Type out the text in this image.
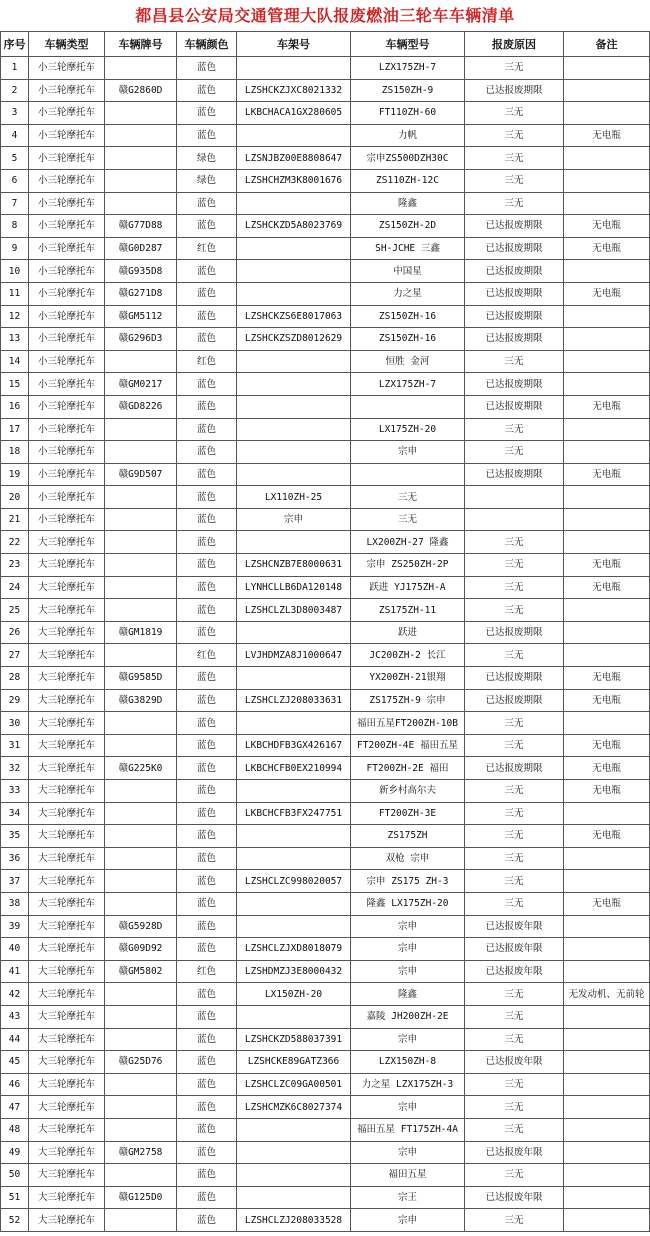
都昌县公安局交通管理大队报废燃油三轮车车辆清单
序号	车辆类型	车辆牌号	车辆颜色	车架号	车辆型号	报废原因	备注
1	小三轮摩托车		蓝色		LZX175ZH-7	三无	
2	小三轮摩托车	赣G2860D	蓝色	LZSHCKZJXC8021332	ZS150ZH-9	已达报废期限	
3	小三轮摩托车		蓝色	LKBCHACA1GX280605	FT110ZH-60	三无	
4	小三轮摩托车		蓝色		力帆	三无	无电瓶
5	小三轮摩托车		绿色	LZSNJBZ00E8808647	宗申ZS500DZH30C	三无	
6	小三轮摩托车		绿色	LZSHCHZM3K8001676	ZS110ZH-12C	三无	
7	小三轮摩托车		蓝色		隆鑫	三无	
8	小三轮摩托车	赣G77D88	蓝色	LZSHCKZD5A8023769	ZS150ZH-2D	已达报废期限	无电瓶
9	小三轮摩托车	赣G0D287	红色		SH-JCHE 三鑫	已达报废期限	无电瓶
10	小三轮摩托车	赣G935D8	蓝色		中国星	已达报废期限	
11	小三轮摩托车	赣G271D8	蓝色		力之星	已达报废期限	无电瓶
12	小三轮摩托车	赣GM5112	蓝色	LZSHCKZS6E8017063	ZS150ZH-16	已达报废期限	
13	小三轮摩托车	赣G296D3	蓝色	LZSHCKZSZD8012629	ZS150ZH-16	已达报废期限	
14	小三轮摩托车		红色		恒胜 金河	三无	
15	小三轮摩托车	赣GM0217	蓝色		LZX175ZH-7	已达报废期限	
16	小三轮摩托车	赣GD8226	蓝色			已达报废期限	无电瓶
17	小三轮摩托车		蓝色		LX175ZH-20	三无	
18	小三轮摩托车		蓝色		宗申	三无	
19	小三轮摩托车	赣G9D507	蓝色			已达报废期限	无电瓶
20	小三轮摩托车		蓝色	LX110ZH-25	三无		
21	小三轮摩托车		蓝色	宗申	三无		
22	大三轮摩托车		蓝色		LX200ZH-27 隆鑫	三无	
23	大三轮摩托车		蓝色	LZSHCNZB7E8000631	宗申 ZS250ZH-2P	三无	无电瓶
24	大三轮摩托车		蓝色	LYNHCLLB6DA120148	跃进 YJ175ZH-A	三无	无电瓶
25	大三轮摩托车		蓝色	LZSHCLZL3D8003487	ZS175ZH-11	三无	
26	大三轮摩托车	赣GM1819	蓝色		跃进	已达报废期限	
27	大三轮摩托车		红色	LVJHDMZA8J1000647	JC200ZH-2 长江	三无	
28	大三轮摩托车	赣G9585D	蓝色		YX200ZH-21银翔	已达报废期限	无电瓶
29	大三轮摩托车	赣G3829D	蓝色	LZSHCLZJ208033631	ZS175ZH-9 宗申	已达报废期限	无电瓶
30	大三轮摩托车		蓝色		福田五星FT200ZH-10B	三无	
31	大三轮摩托车		蓝色	LKBCHDFB3GX426167	FT200ZH-4E 福田五星	三无	无电瓶
32	大三轮摩托车	赣G225K0	蓝色	LKBCHCFB0EX210994	FT200ZH-2E 福田	已达报废期限	无电瓶
33	大三轮摩托车		蓝色		新乡村高尔夫	三无	无电瓶
34	大三轮摩托车		蓝色	LKBCHCFB3FX247751	FT200ZH-3E	三无	
35	大三轮摩托车		蓝色		ZS175ZH	三无	无电瓶
36	大三轮摩托车		蓝色		双枪 宗申	三无	
37	大三轮摩托车		蓝色	LZSHCLZC998020057	宗申 ZS175 ZH-3	三无	
38	大三轮摩托车		蓝色		隆鑫 LX175ZH-20	三无	无电瓶
39	大三轮摩托车	赣G5928D	蓝色		宗申	已达报废年限	
40	大三轮摩托车	赣G09D92	蓝色	LZSHCLZJXD8018079	宗申	已达报废年限	
41	大三轮摩托车	赣GM5802	红色	LZSHDMZJ3E8000432	宗申	已达报废年限	
42	大三轮摩托车		蓝色	LX150ZH-20	隆鑫	三无	无发动机、无前轮
43	大三轮摩托车		蓝色		嘉陵 JH200ZH-2E	三无	
44	大三轮摩托车		蓝色	LZSHCKZD588037391	宗申	三无	
45	大三轮摩托车	赣G25D76	蓝色	LZSHCKE89GATZ366	LZX150ZH-8	已达报废年限	
46	大三轮摩托车		蓝色	LZSHCLZC09GA00501	力之星 LZX175ZH-3	三无	
47	大三轮摩托车		蓝色	LZSHCMZK6C8027374	宗申	三无	
48	大三轮摩托车		蓝色		福田五星 FT175ZH-4A	三无	
49	大三轮摩托车	赣GM2758	蓝色		宗申	已达报废年限	
50	大三轮摩托车		蓝色		福田五星	三无	
51	大三轮摩托车	赣G125D0	蓝色		宗王	已达报废年限	
52	大三轮摩托车		蓝色	LZSHCLZJ208033528	宗申	三无	
